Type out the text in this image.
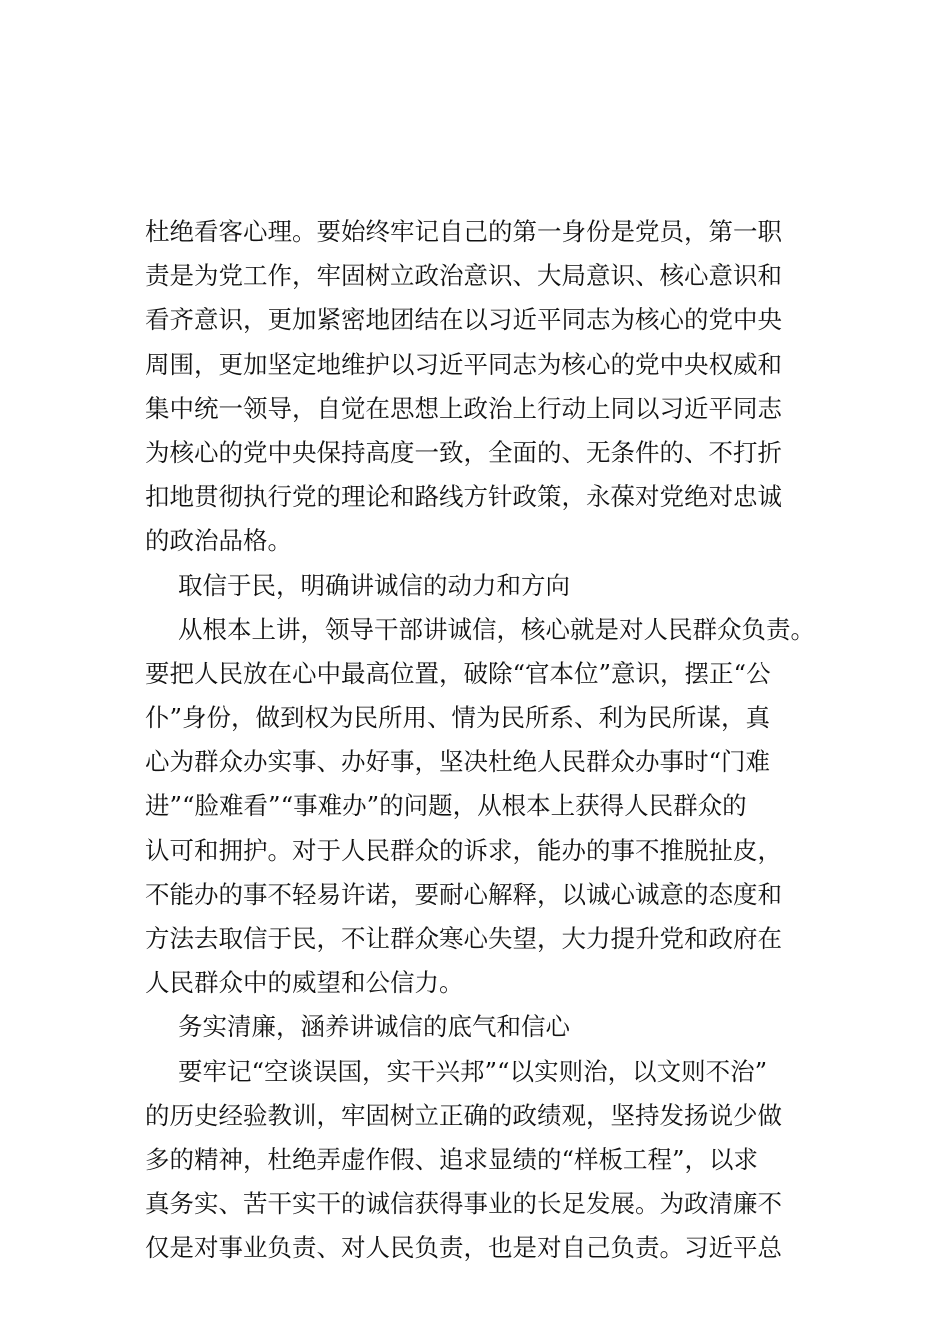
杜绝看客心理。要始终牢记自己的第一身份是党员，第一职

责是为党工作，牢固树立政治意识、大局意识、核心意识和

看齐意识，更加紧密地团结在以习近平同志为核心的党中央

周围，更加坚定地维护以习近平同志为核心的党中央权威和

集中统一领导，自觉在思想上政治上行动上同以习近平同志

为核心的党中央保持高度一致，全面的、无条件的、不打折

扣地贯彻执行党的理论和路线方针政策，永葆对党绝对忠诚

的政治品格。

取信于民，明确讲诚信的动力和方向

从根本上讲，领导干部讲诚信，核心就是对人民群众负责。

要把人民放在心中最高位置，破除“官本位”意识，摆正“公

仆”身份，做到权为民所用、情为民所系、利为民所谋，真

心为群众办实事、办好事，坚决杜绝人民群众办事时“门难

进”“脸难看”“事难办”的问题，从根本上获得人民群众的

认可和拥护。对于人民群众的诉求，能办的事不推脱扯皮，

不能办的事不轻易许诺，要耐心解释，以诚心诚意的态度和

方法去取信于民，不让群众寒心失望，大力提升党和政府在

人民群众中的威望和公信力。

务实清廉，涵养讲诚信的底气和信心

要牢记“空谈误国，实干兴邦”“以实则治，以文则不治”

的历史经验教训，牢固树立正确的政绩观，坚持发扬说少做

多的精神，杜绝弄虚作假、追求显绩的“样板工程”，以求

真务实、苦干实干的诚信获得事业的长足发展。为政清廉不

仅是对事业负责、对人民负责，也是对自己负责。习近平总
